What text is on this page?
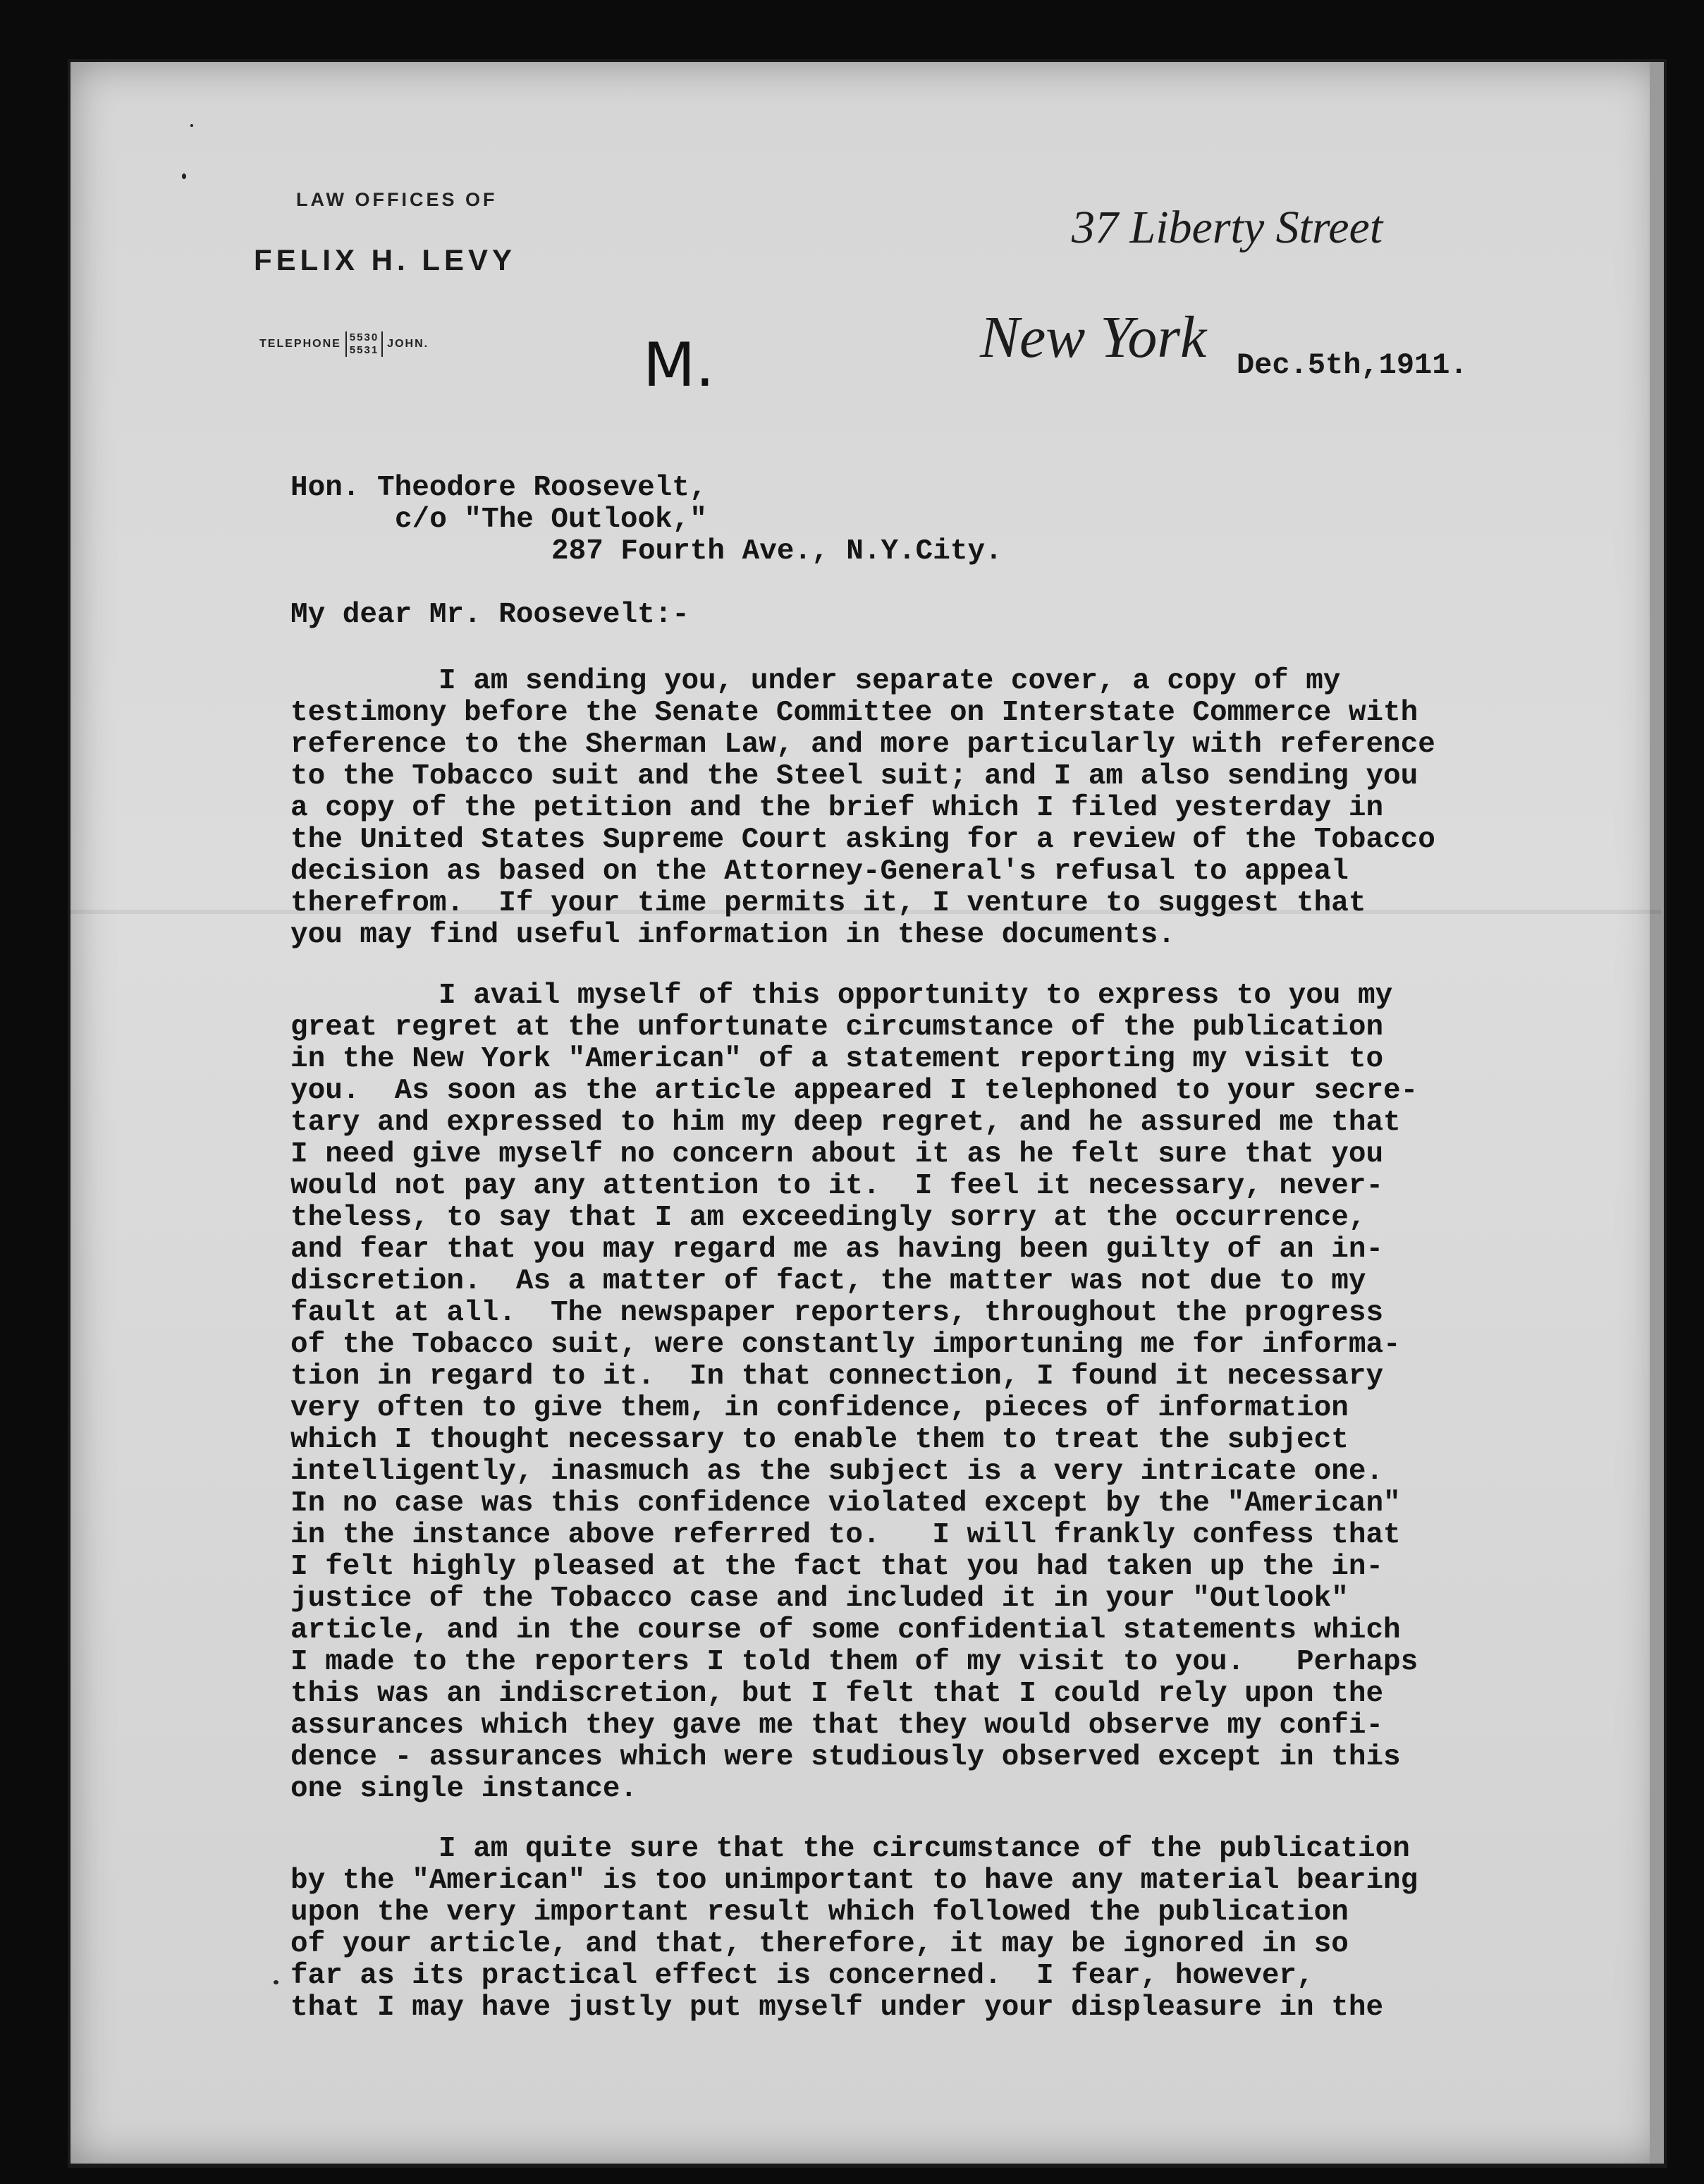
LAW OFFICES OF
FELIX H. LEVY
TELEPHONE
5530
5531
JOHN.
37 Liberty Street
New York Dec.5th,1911.
M.
Hon. Theodore Roosevelt,
c/o "The Outlook,"
287 Fourth Ave., N.Y.City.
My dear Mr. Roosevelt:-
I am sending you, under separate cover, a copy of my
testimony before the Senate Committee on Interstate Commerce with
reference to the Sherman Law, and more particularly with reference
to the Tobacco suit and the Steel suit; and I am also sending you
a copy of the petition and the brief which I filed yesterday in
the United States Supreme Court asking for a review of the Tobacco
decision as based on the Attorney-General's refusal to appeal
therefrom.  If your time permits it, I venture to suggest that
you may find useful information in these documents.
I avail myself of this opportunity to express to you my
great regret at the unfortunate circumstance of the publication
in the New York "American" of a statement reporting my visit to
you.  As soon as the article appeared I telephoned to your secre-
tary and expressed to him my deep regret, and he assured me that
I need give myself no concern about it as he felt sure that you
would not pay any attention to it.  I feel it necessary, never-
theless, to say that I am exceedingly sorry at the occurrence,
and fear that you may regard me as having been guilty of an in-
discretion.  As a matter of fact, the matter was not due to my
fault at all.  The newspaper reporters, throughout the progress
of the Tobacco suit, were constantly importuning me for informa-
tion in regard to it.  In that connection, I found it necessary
very often to give them, in confidence, pieces of information
which I thought necessary to enable them to treat the subject
intelligently, inasmuch as the subject is a very intricate one.
In no case was this confidence violated except by the "American"
in the instance above referred to.   I will frankly confess that
I felt highly pleased at the fact that you had taken up the in-
justice of the Tobacco case and included it in your "Outlook"
article, and in the course of some confidential statements which
I made to the reporters I told them of my visit to you.   Perhaps
this was an indiscretion, but I felt that I could rely upon the
assurances which they gave me that they would observe my confi-
dence - assurances which were studiously observed except in this
one single instance.
I am quite sure that the circumstance of the publication
by the "American" is too unimportant to have any material bearing
upon the very important result which followed the publication
of your article, and that, therefore, it may be ignored in so
far as its practical effect is concerned.  I fear, however,
that I may have justly put myself under your displeasure in the
